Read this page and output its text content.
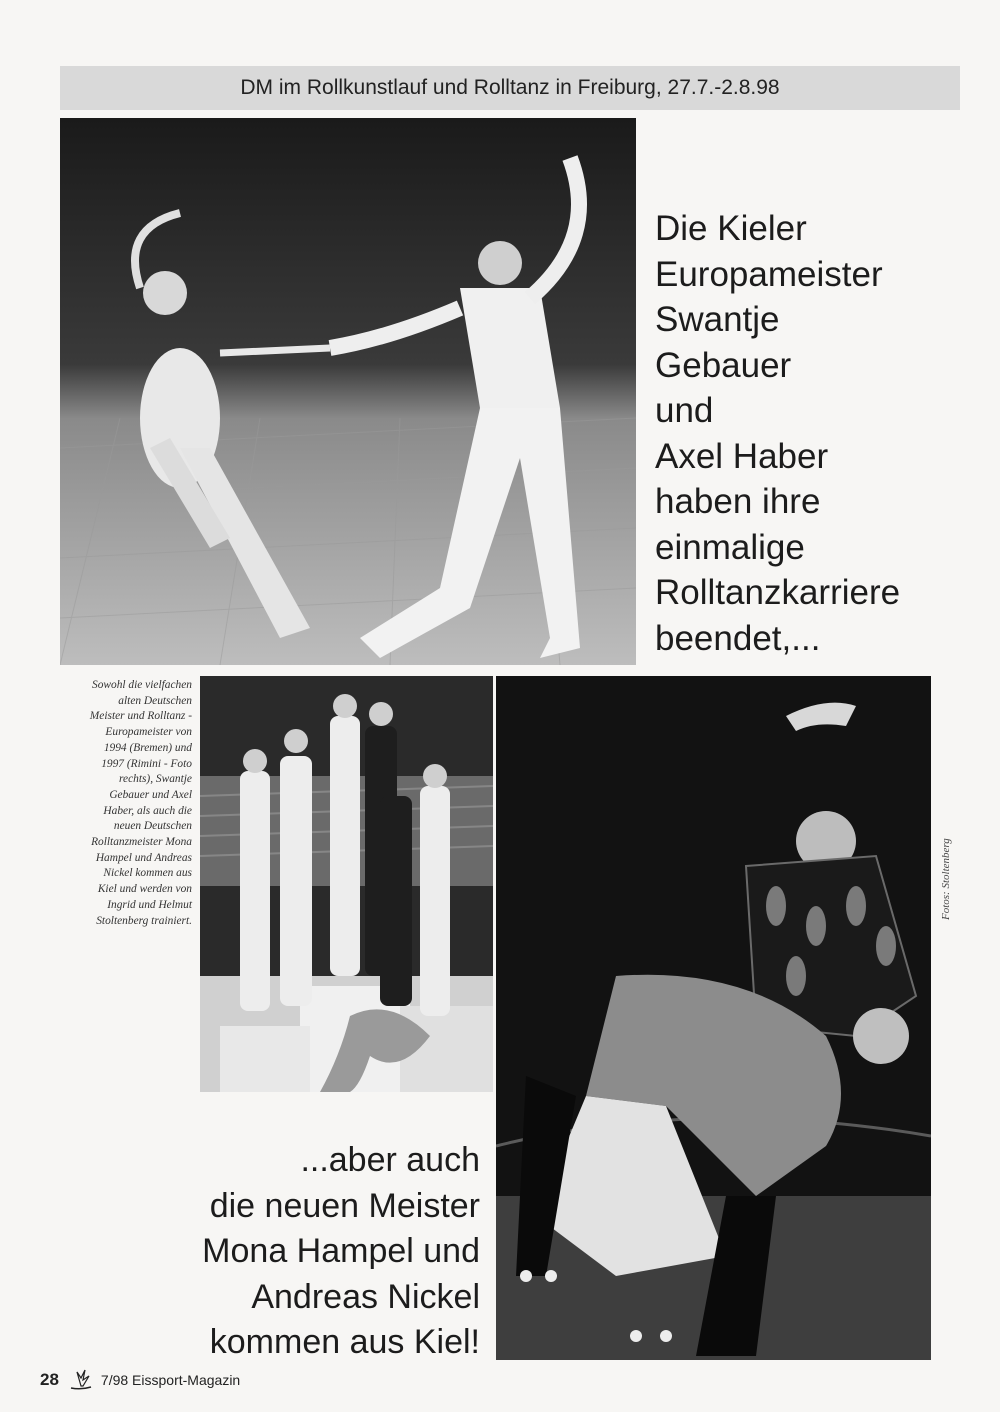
DM im Rollkunstlauf und Rolltanz in Freiburg, 27.7.-2.8.98
Die Kieler
Europameister
Swantje
Gebauer
und
Axel Haber
haben ihre
einmalige
Rolltanzkarriere
beendet,...
Sowohl die vielfachen
alten Deutschen
Meister und Rolltanz -
Europameister von
1994 (Bremen) und
1997 (Rimini - Foto
rechts), Swantje
Gebauer und Axel
Haber, als auch die
neuen Deutschen
Rolltanzmeister Mona
Hampel und Andreas
Nickel kommen aus
Kiel und werden von
Ingrid und Helmut
Stoltenberg trainiert.
Fotos: Stoltenberg
...aber auch
die neuen Meister
Mona Hampel und
Andreas Nickel
kommen aus Kiel!
28	7/98 Eissport-Magazin
